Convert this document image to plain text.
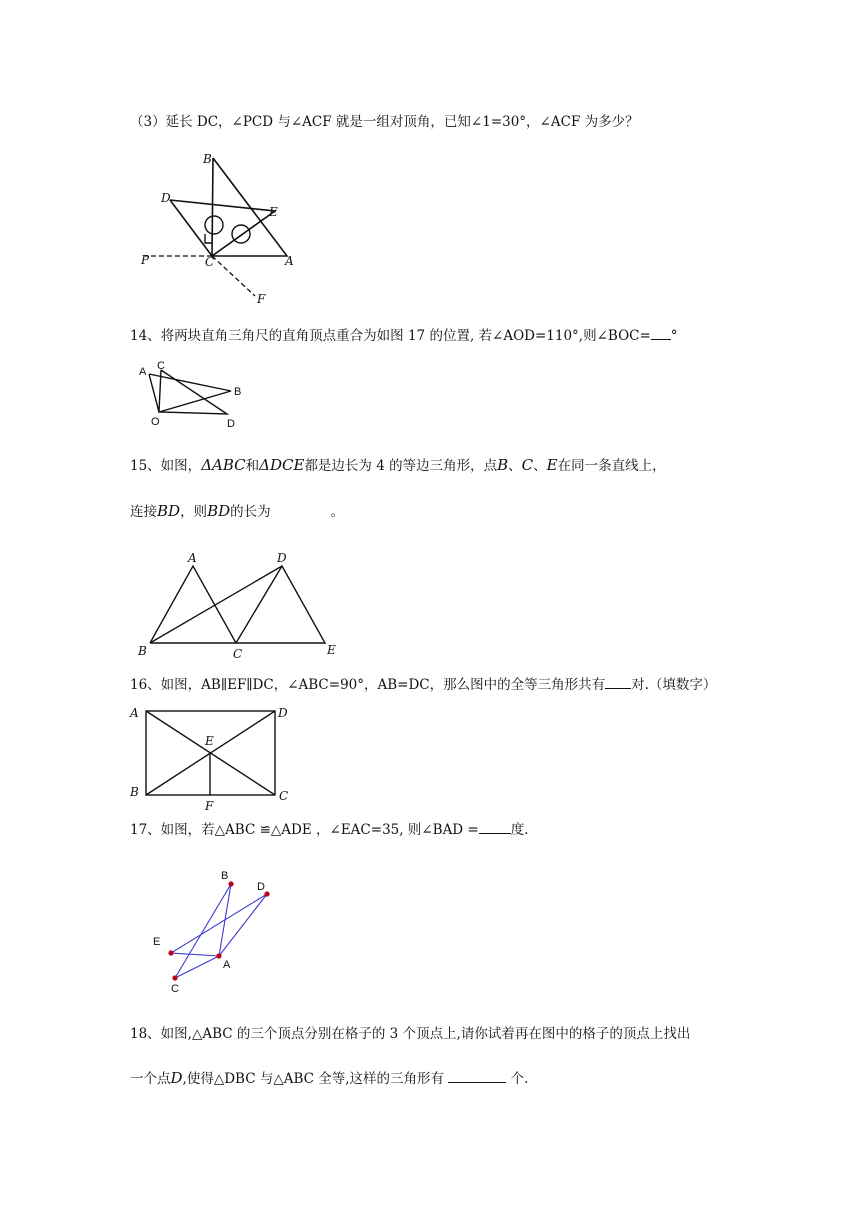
（3）延长 DC，∠PCD 与∠ACF 就是一组对顶角，已知∠1=30°，∠ACF 为多少？
B
D
E
P	C	A
F
14、将两块直角三角尺的直角顶点重合为如图 17 的位置, 若∠AOD=110°,则∠BOC= °
A C
B
O	D
15、如图，ΔABC和ΔDCE都是边长为 4 的等边三角形，点B、C、E在同一条直线上，
连接BD，则BD的长为	。
A	D
B	C	E
16、如图，AB∥EF∥DC，∠ABC=90°，AB=DC，那么图中的全等三角形共有 对.（填数字）
A	D
E
B
F
C
17、如图，若△ABC ≌△ADE ，∠EAC=35, 则∠BAD = 度.
B
D
E
A
C
18、如图,△ABC 的三个顶点分别在格子的 3 个顶点上,请你试着再在图中的格子的顶点上找出
一个点D,使得△DBC 与△ABC 全等,这样的三角形有	个.
